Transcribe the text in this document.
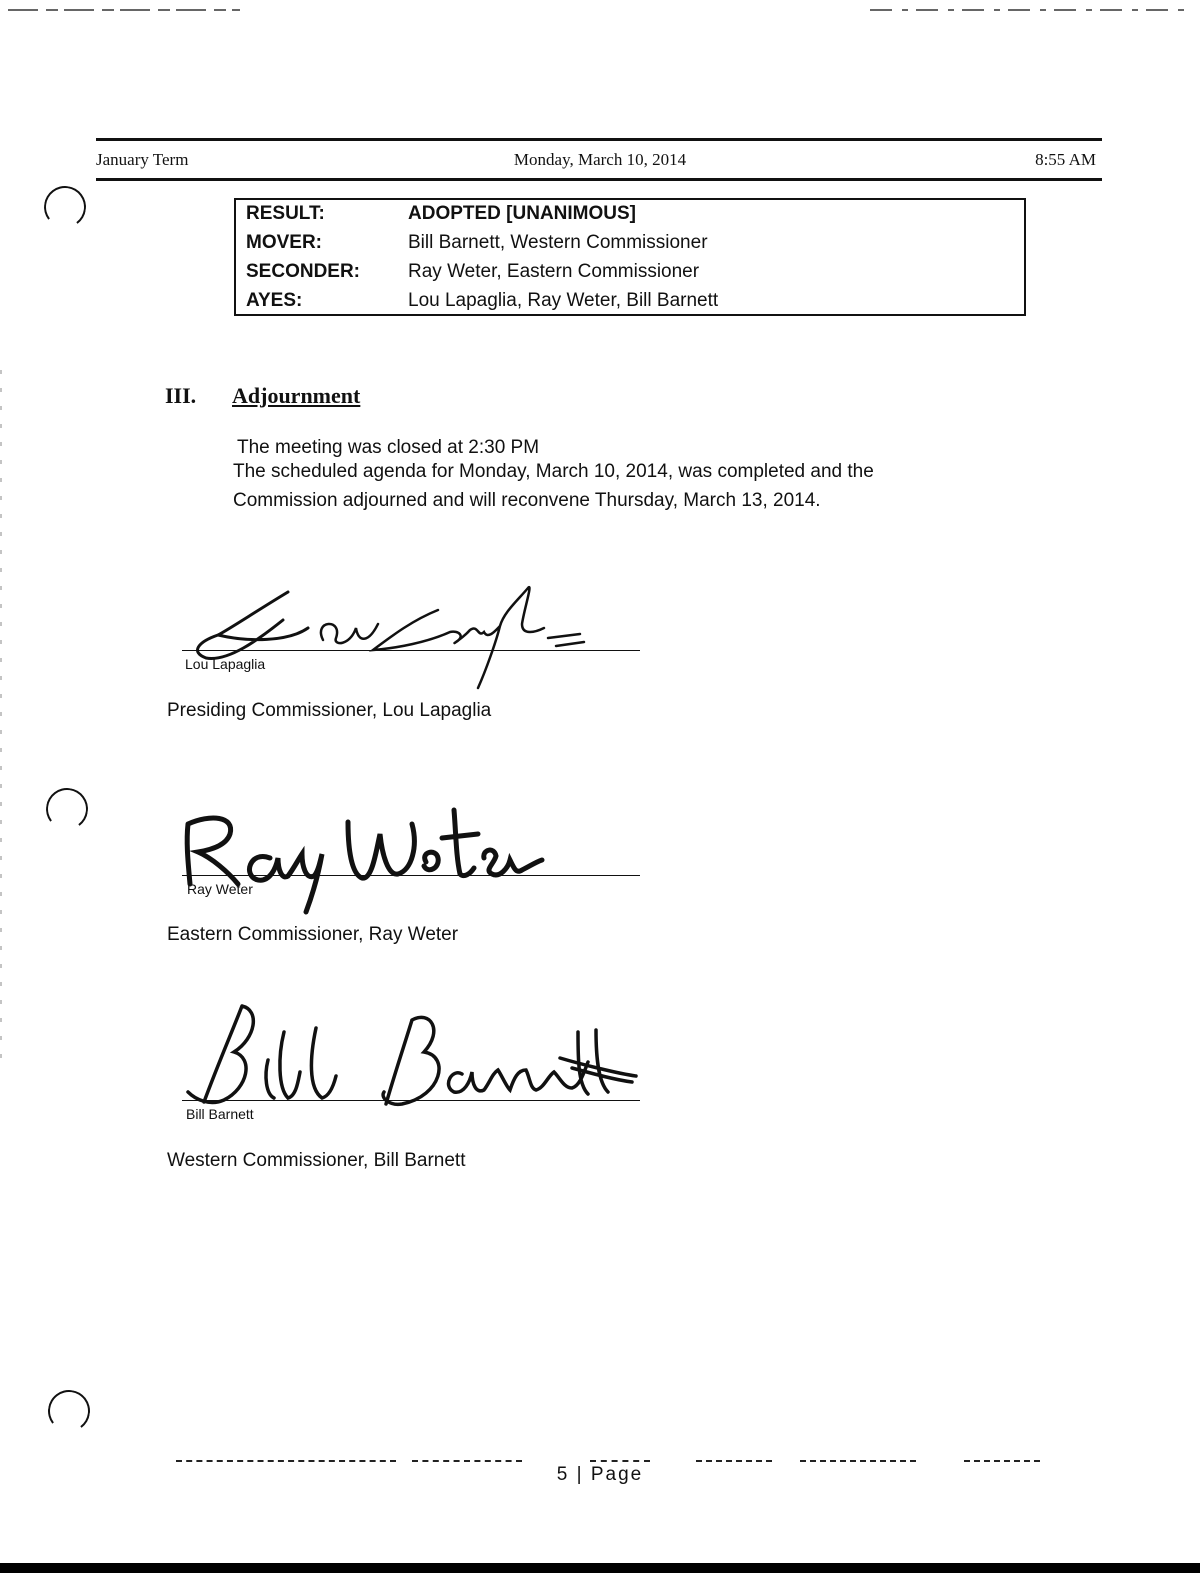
January Term	Monday, March 10, 2014	8:55 AM
RESULT:	ADOPTED [UNANIMOUS]
MOVER:	Bill Barnett, Western Commissioner
SECONDER:	Ray Weter, Eastern Commissioner
AYES:	Lou Lapaglia, Ray Weter, Bill Barnett
III. Adjournment
The meeting was closed at 2:30 PM
The scheduled agenda for Monday, March 10, 2014, was completed and the
Commission adjourned and will reconvene Thursday, March 13, 2014.
Lou Lapaglia
Presiding Commissioner, Lou Lapaglia
Ray Weter
Eastern Commissioner, Ray Weter
Bill Barnett
Western Commissioner, Bill Barnett
5 | Page
